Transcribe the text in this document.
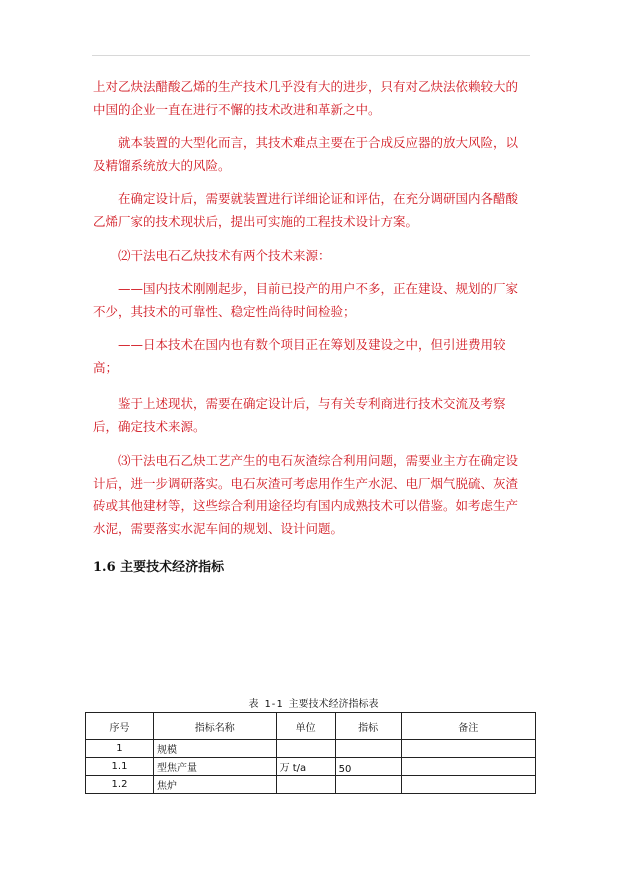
上对乙炔法醋酸乙烯的生产技术几乎没有大的进步，只有对乙炔法依赖较大的中国的企业一直在进行不懈的技术改进和革新之中。

就本装置的大型化而言，其技术难点主要在于合成反应器的放大风险，以及精馏系统放大的风险。

在确定设计后，需要就装置进行详细论证和评估，在充分调研国内各醋酸乙烯厂家的技术现状后，提出可实施的工程技术设计方案。

⑵干法电石乙炔技术有两个技术来源：

——国内技术刚刚起步，目前已投产的用户不多，正在建设、规划的厂家不少，其技术的可靠性、稳定性尚待时间检验；

——日本技术在国内也有数个项目正在筹划及建设之中，但引进费用较高；

鉴于上述现状，需要在确定设计后，与有关专利商进行技术交流及考察后，确定技术来源。

⑶干法电石乙炔工艺产生的电石灰渣综合利用问题，需要业主方在确定设计后，进一步调研落实。电石灰渣可考虑用作生产水泥、电厂烟气脱硫、灰渣砖或其他建材等，这些综合利用途径均有国内成熟技术可以借鉴。如考虑生产水泥，需要落实水泥车间的规划、设计问题。

1.6 主要技术经济指标
表 1-1 主要技术经济指标表
序号	指标名称	单位	指标	备注
1	规模			
1.1	型焦产量	万 t/a	50	
1.2	焦炉			
